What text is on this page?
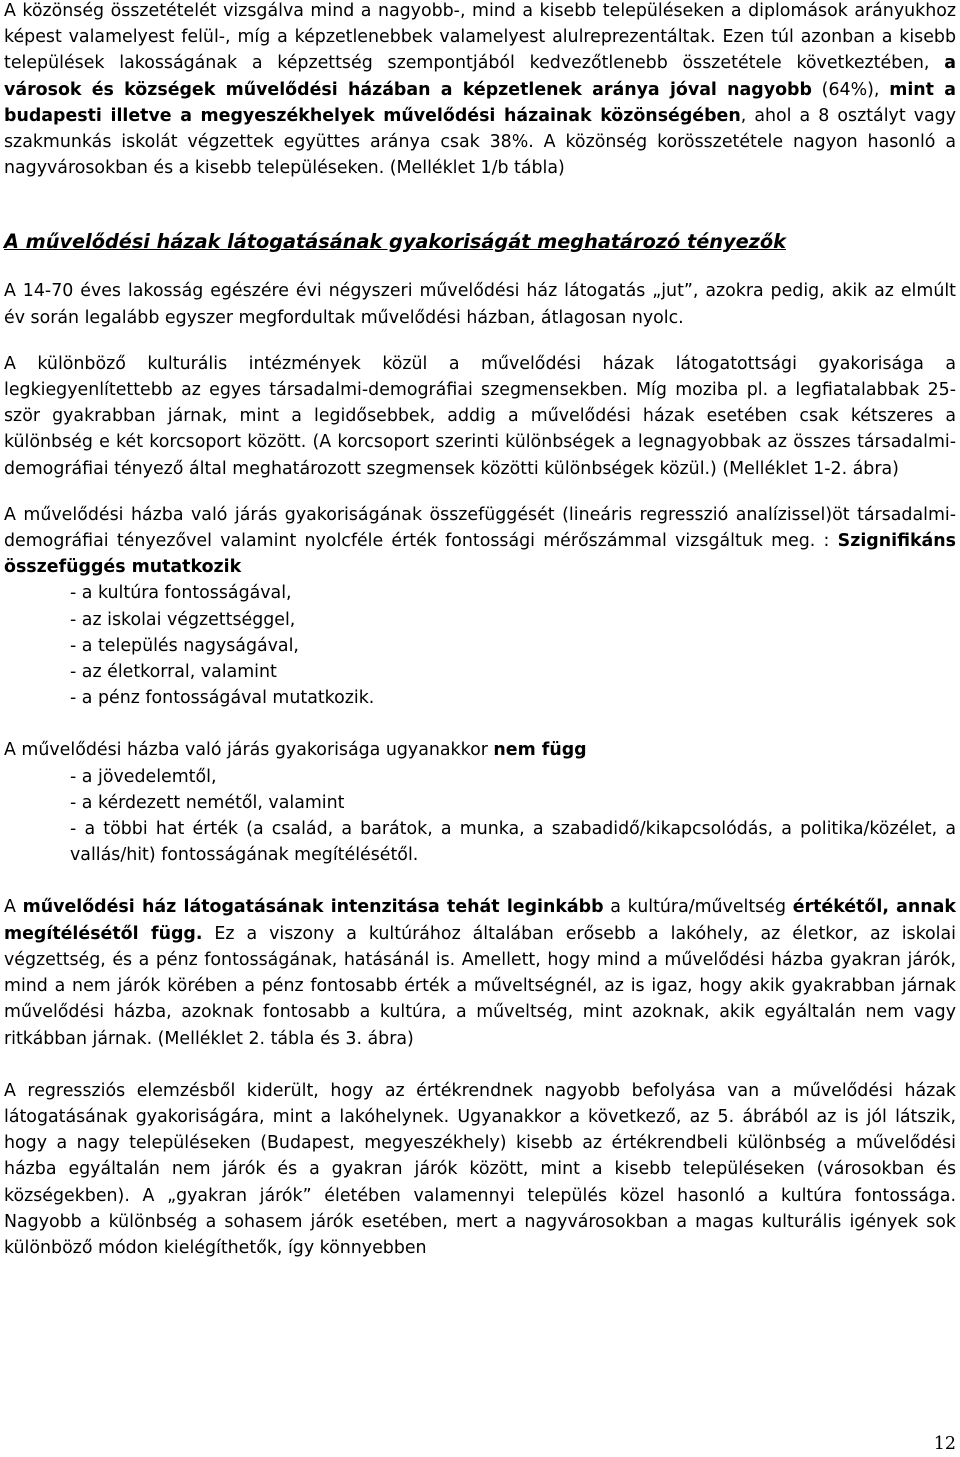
A közönség összetételét vizsgálva mind a nagyobb-, mind a kisebb településeken a diplomások arányukhoz képest valamelyest felül-, míg a képzetlenebbek valamelyest alulreprezentáltak. Ezen túl azonban a kisebb települések lakosságának a képzettség szempontjából kedvezőtlenebb összetétele következtében, a városok és községek művelődési házában a képzetlenek aránya jóval nagyobb (64%), mint a budapesti illetve a megyeszékhelyek művelődési házainak közönségében, ahol a 8 osztályt vagy szakmunkás iskolát végzettek együttes aránya csak 38%. A közönség korösszetétele nagyon hasonló a nagyvárosokban és a kisebb településeken. (Melléklet 1/b tábla)

A művelődési házak látogatásának gyakoriságát meghatározó tényezők

A 14-70 éves lakosság egészére évi négyszeri művelődési ház látogatás „jut”, azokra pedig, akik az elmúlt év során legalább egyszer megfordultak művelődési házban, átlagosan nyolc.

A különböző kulturális intézmények közül a művelődési házak látogatottsági gyakorisága a legkiegyenlítettebb az egyes társadalmi-demográfiai szegmensekben. Míg moziba pl. a legfiatalabbak 25-ször gyakrabban járnak, mint a legidősebbek, addig a művelődési házak esetében csak kétszeres a különbség e két korcsoport között. (A korcsoport szerinti különbségek a legnagyobbak az összes társadalmi-demográfiai tényező által meghatározott szegmensek közötti különbségek közül.) (Melléklet 1-2. ábra)

A művelődési házba való járás gyakoriságának összefüggését (lineáris regresszió analízissel)öt társadalmi-demográfiai tényezővel valamint nyolcféle érték fontossági mérőszámmal vizsgáltuk meg. : Szignifikáns összefüggés mutatkozik

- a kultúra fontosságával,
- az iskolai végzettséggel,
- a település nagyságával,
- az életkorral, valamint
- a pénz fontosságával mutatkozik.

A művelődési házba való járás gyakorisága ugyanakkor nem függ

- a jövedelemtől,
- a kérdezett nemétől, valamint
- a többi hat érték (a család, a barátok, a munka, a szabadidő/kikapcsolódás, a politika/közélet, a vallás/hit) fontosságának megítélésétől.

A művelődési ház látogatásának intenzitása tehát leginkább a kultúra/műveltség értékétől, annak megítélésétől függ. Ez a viszony a kultúrához általában erősebb a lakóhely, az életkor, az iskolai végzettség, és a pénz fontosságának, hatásánál is. Amellett, hogy mind a művelődési házba gyakran járók, mind a nem járók körében a pénz fontosabb érték a műveltségnél, az is igaz, hogy akik gyakrabban járnak művelődési házba, azoknak fontosabb a kultúra, a műveltség, mint azoknak, akik egyáltalán nem vagy ritkábban járnak. (Melléklet 2. tábla és 3. ábra)

A regressziós elemzésből kiderült, hogy az értékrendnek nagyobb befolyása van a művelődési házak látogatásának gyakoriságára, mint a lakóhelynek. Ugyanakkor a következő, az 5. ábrából az is jól látszik, hogy a nagy településeken (Budapest, megyeszékhely) kisebb az értékrendbeli különbség a művelődési házba egyáltalán nem járók és a gyakran járók között, mint a kisebb településeken (városokban és községekben). A „gyakran járók” életében valamennyi település közel hasonló a kultúra fontossága. Nagyobb a különbség a sohasem járók esetében, mert a nagyvárosokban a magas kulturális igények sok különböző módon kielégíthetők, így könnyebben

12
